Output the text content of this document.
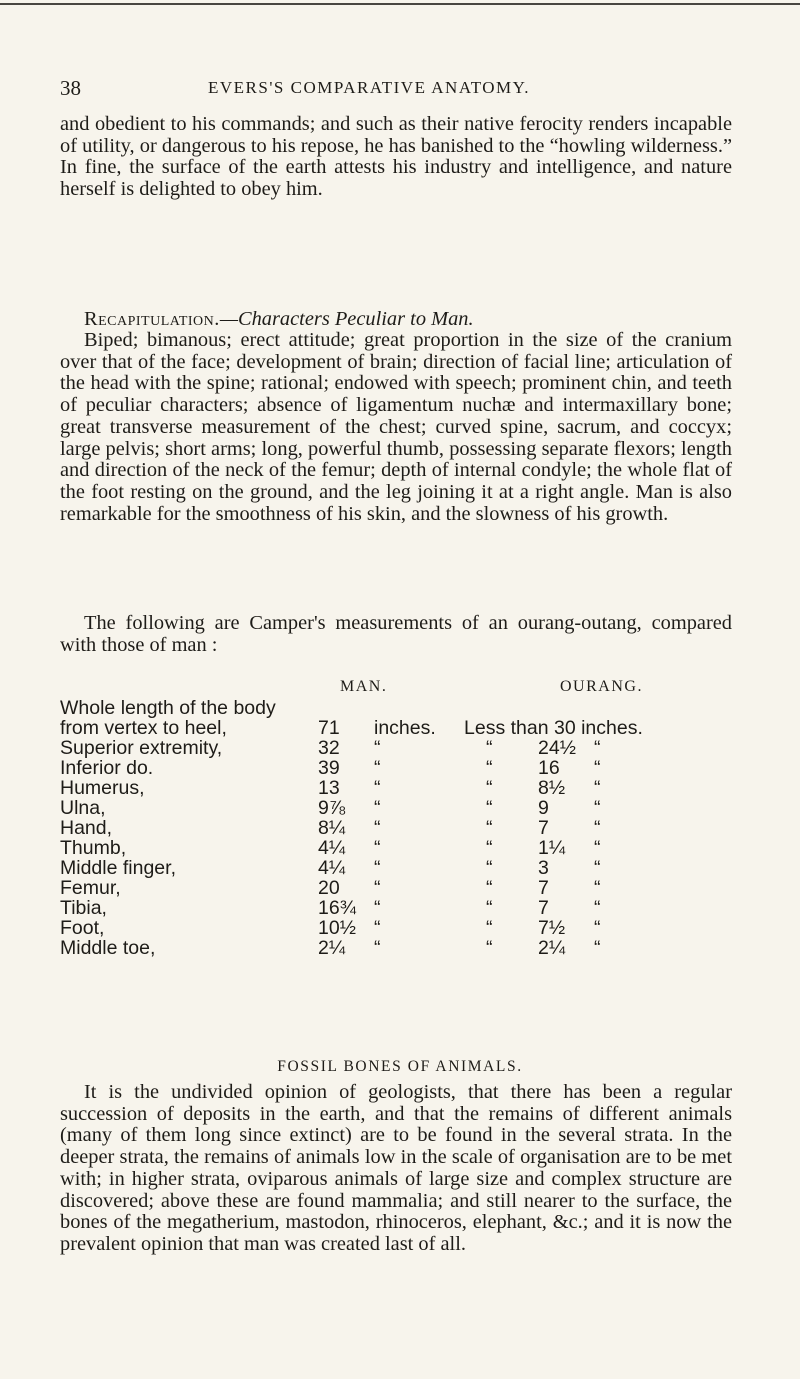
38	EVERS'S COMPARATIVE ANATOMY.

and obedient to his commands; and such as their native ferocity renders incapable of utility, or dangerous to his repose, he has banished to the “howling wilderness.” In fine, the surface of the earth attests his industry and intelligence, and nature herself is delighted to obey him.

Recapitulation.—Characters Peculiar to Man.

Biped; bimanous; erect attitude; great proportion in the size of the cranium over that of the face; development of brain; direction of facial line; articulation of the head with the spine; rational; endowed with speech; prominent chin, and teeth of peculiar characters; absence of ligamentum nuchæ and intermaxillary bone; great transverse measurement of the chest; curved spine, sacrum, and coccyx; large pelvis; short arms; long, powerful thumb, possessing separate flexors; length and direction of the neck of the femur; depth of internal condyle; the whole flat of the foot resting on the ground, and the leg joining it at a right angle. Man is also remarkable for the smoothness of his skin, and the slowness of his growth.

The following are Camper's measurements of an ourang-outang, compared with those of man :

MAN.	OURANG.
Whole length of the body					
from vertex to heel,	71	inches.	Less than 30 inches.		

Superior extremity,	32	“	“	24½	“
Inferior do.	39	“	“	16	“
Humerus,	13	“	“	8½	“
Ulna,	9⅞	“	“	9	“
Hand,	8¼	“	“	7	“
Thumb,	4¼	“	“	1¼	“
Middle finger,	4¼	“	“	3	“
Femur,	20	“	“	7	“
Tibia,	16¾	“	“	7	“
Foot,	10½	“	“	7½	“
Middle toe,	2¼	“	“	2¼	“
FOSSIL BONES OF ANIMALS.

It is the undivided opinion of geologists, that there has been a regular succession of deposits in the earth, and that the remains of different animals (many of them long since extinct) are to be found in the several strata. In the deeper strata, the remains of animals low in the scale of organisation are to be met with; in higher strata, oviparous animals of large size and complex structure are discovered; above these are found mammalia; and still nearer to the surface, the bones of the megatherium, mastodon, rhinoceros, elephant, &c.; and it is now the prevalent opinion that man was created last of all.
